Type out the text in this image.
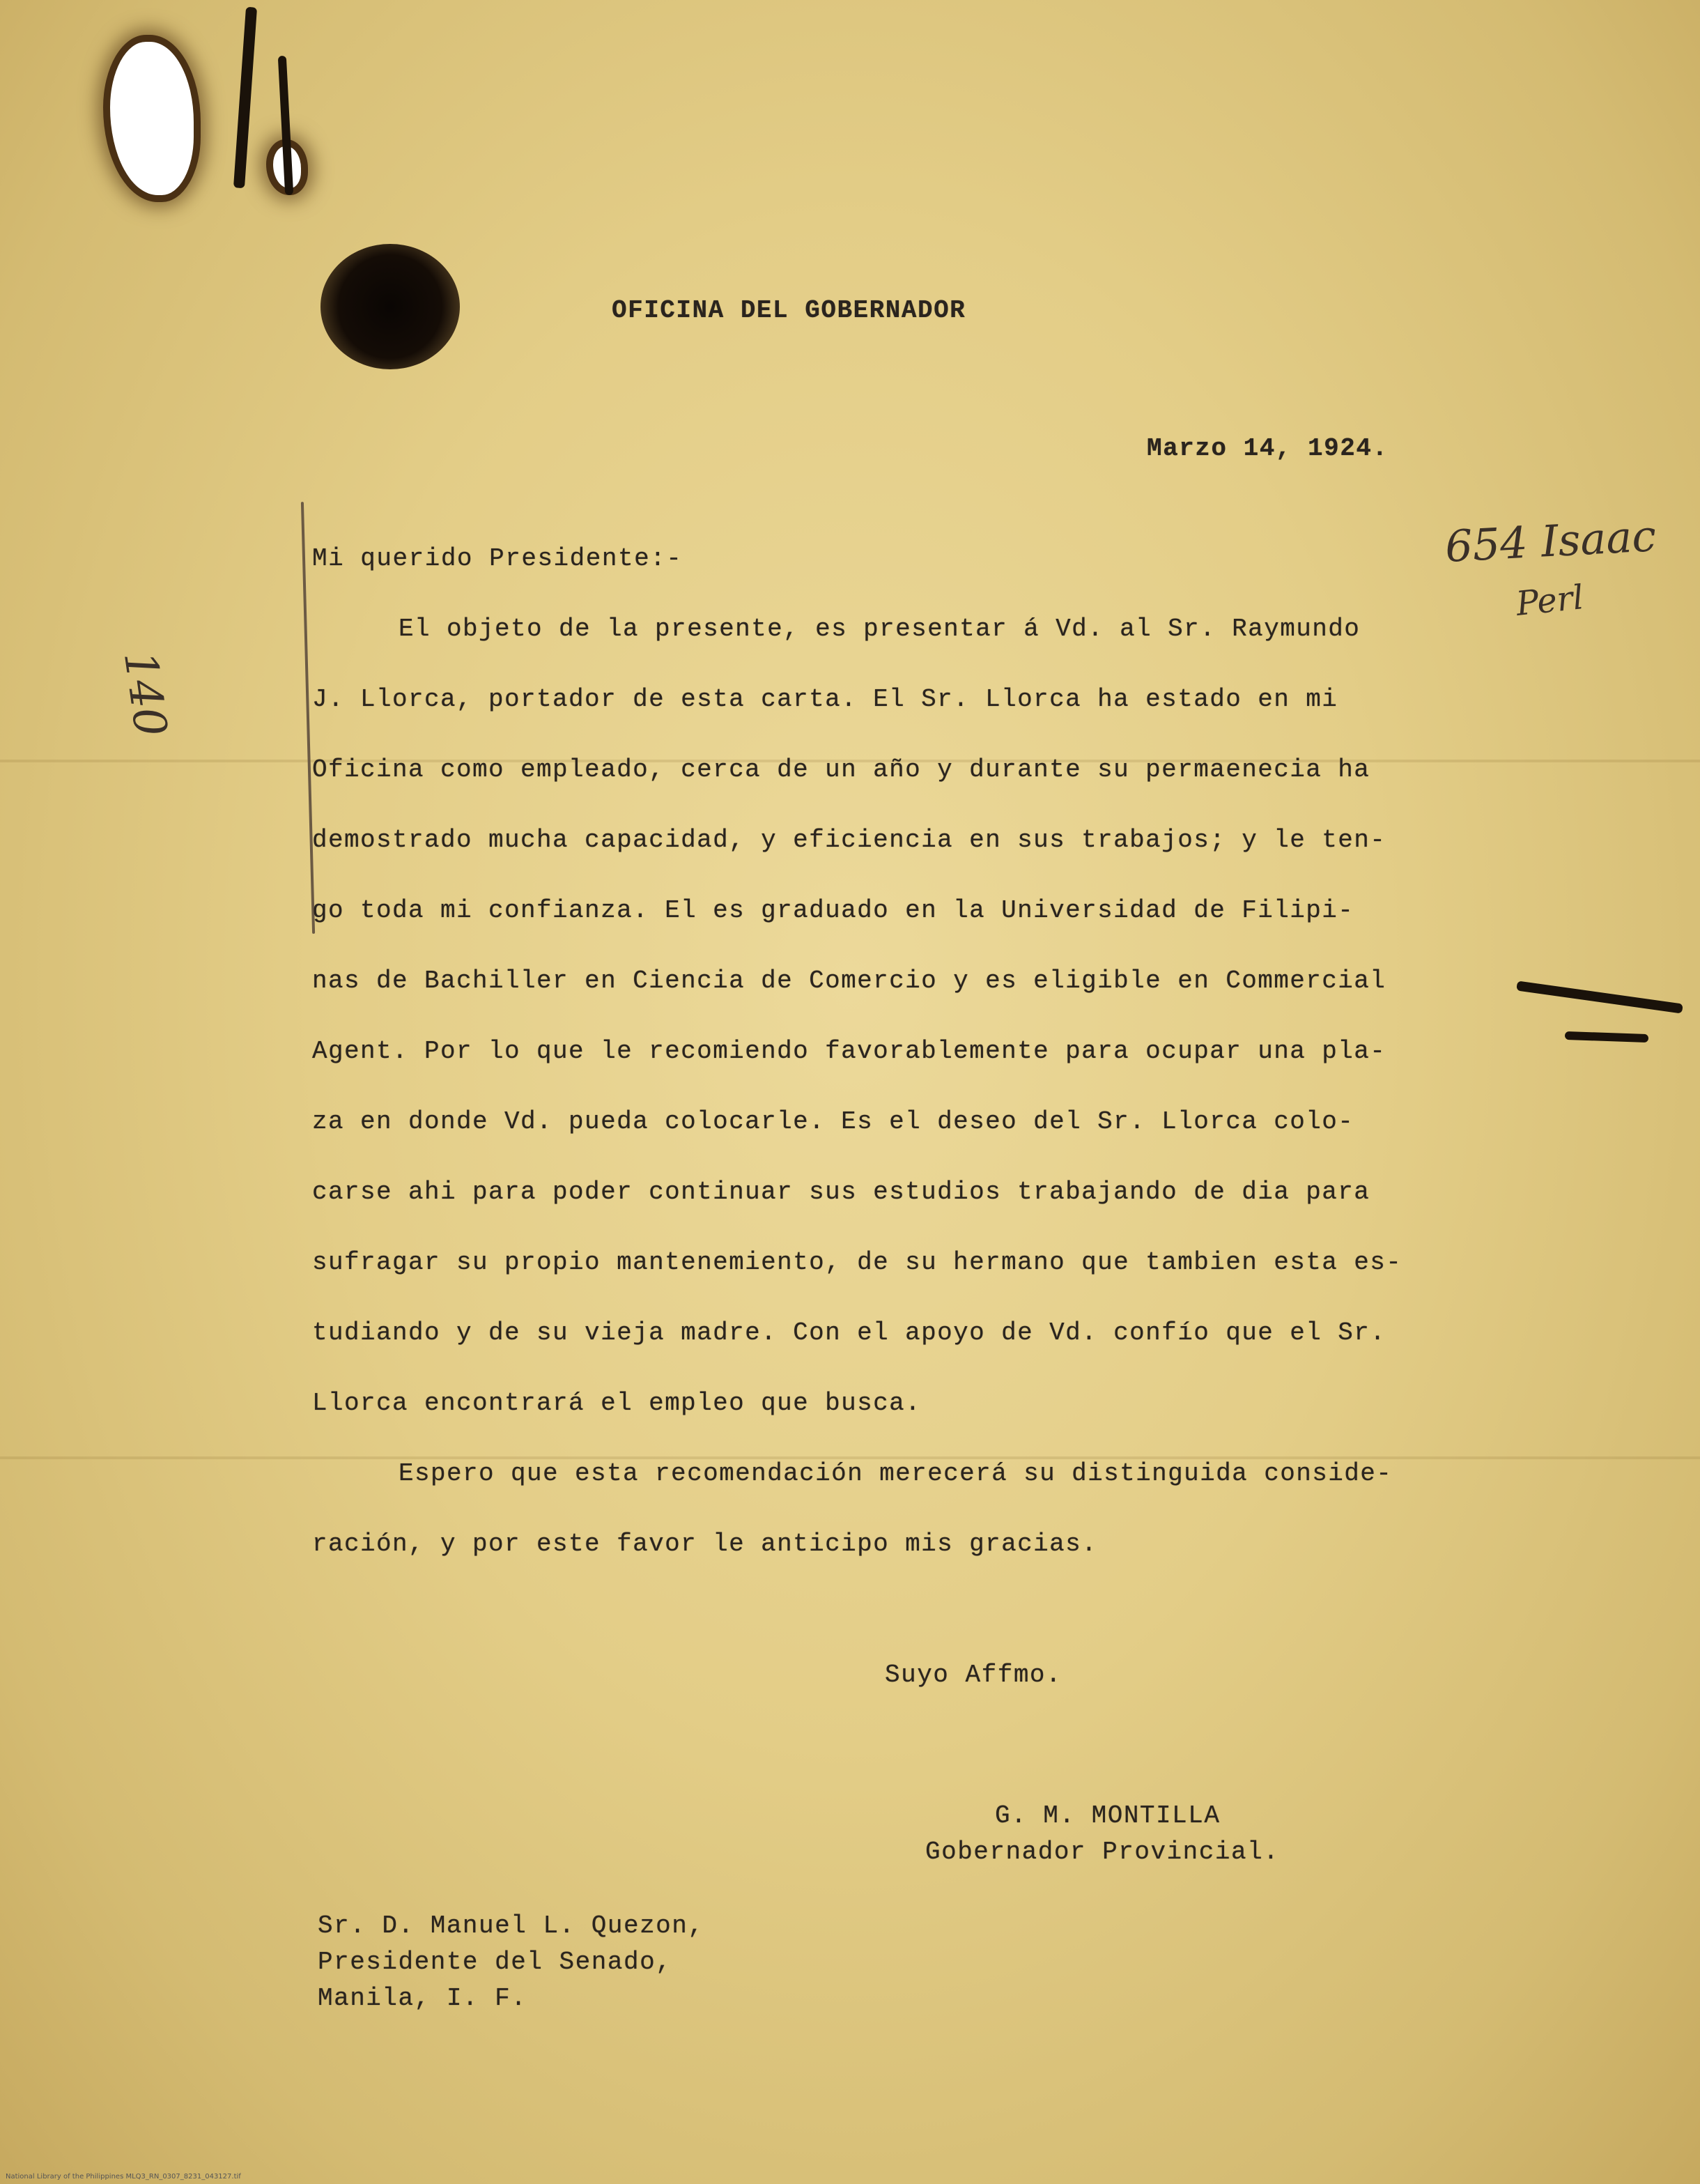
OFICINA DEL GOBERNADOR
Marzo 14, 1924.
654 Isaac
Perl
140
Mi querido Presidente:-
El objeto de la presente, es presentar á Vd. al Sr. Raymundo
J. Llorca, portador de esta carta. El Sr. Llorca ha estado en mi
Oficina como empleado, cerca de un año y durante su permaenecia ha
demostrado mucha capacidad, y eficiencia en sus trabajos; y le ten-
go toda mi confianza. El es graduado en la Universidad de Filipi-
nas de Bachiller en Ciencia de Comercio y es eligible en Commercial
Agent. Por lo que le recomiendo favorablemente para ocupar una pla-
za en donde Vd. pueda colocarle. Es el deseo del Sr. Llorca colo-
carse ahi para poder continuar sus estudios trabajando de dia para
sufragar su propio mantenemiento, de su hermano que tambien esta es-
tudiando y de su vieja madre. Con el apoyo de Vd. confío que el Sr.
Llorca encontrará el empleo que busca.
Espero que esta recomendación merecerá su distinguida conside-
ración, y por este favor le anticipo mis gracias.
Suyo Affmo.
G. M. MONTILLA
Gobernador Provincial.
Sr. D. Manuel L. Quezon,
Presidente del Senado,
Manila, I. F.
National Library of the Philippines MLQ3_RN_0307_8231_043127.tif
